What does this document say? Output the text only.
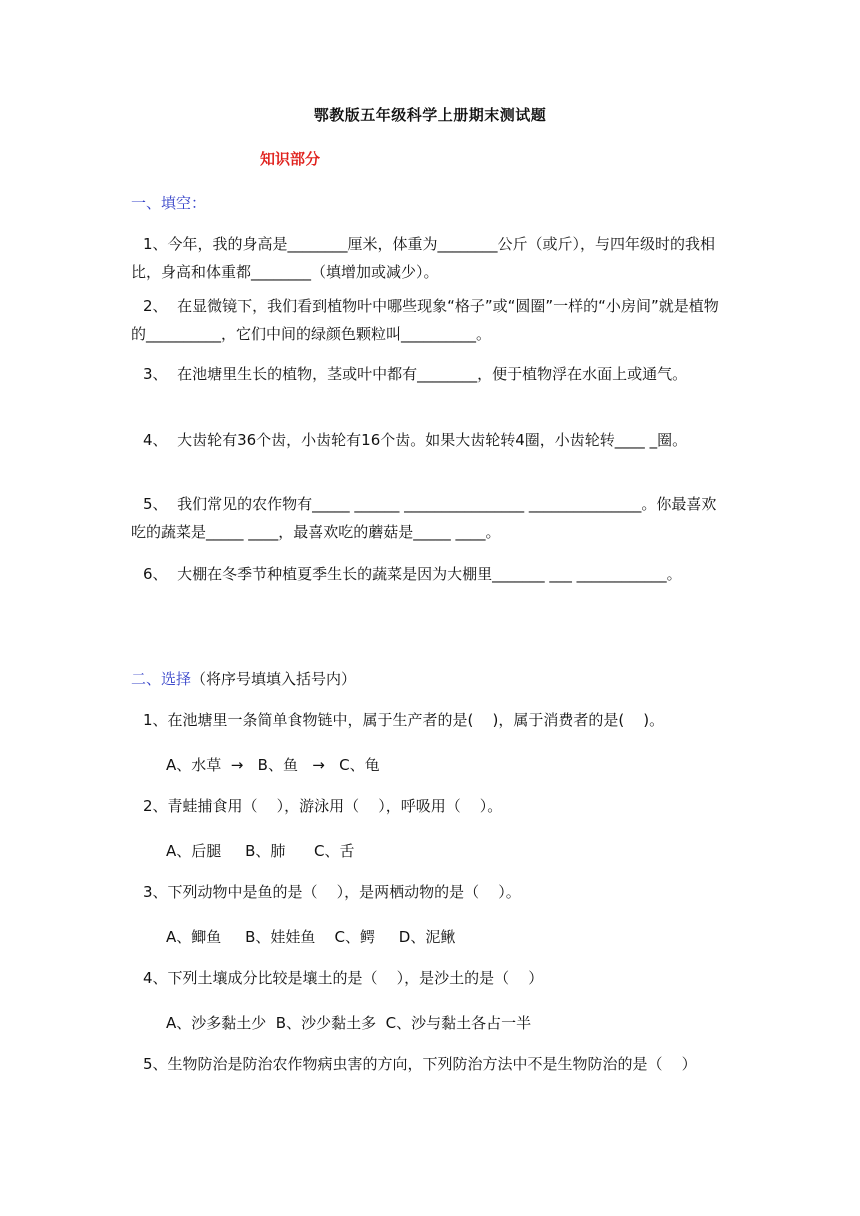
鄂教版五年级科学上册期末测试题
知识部分
一、填空：
1、今年，我的身高是________厘米，体重为________公斤（或斤），与四年级时的我相比，身高和体重都________（填增加或减少）。
2、  在显微镜下，我们看到植物叶中哪些现象“格子”或“圆圈”一样的“小房间”就是植物的__________，它们中间的绿颜色颗粒叫__________。
3、  在池塘里生长的植物，茎或叶中都有________，便于植物浮在水面上或通气。
4、  大齿轮有36个齿，小齿轮有16个齿。如果大齿轮转4圈，小齿轮转____ _圈。
5、  我们常见的农作物有_____ ______ ________________ _______________。你最喜欢吃的蔬菜是_____ ____，最喜欢吃的蘑菇是_____ ____。
6、  大棚在冬季节种植夏季生长的蔬菜是因为大棚里_______ ___ ____________。
二、选择（将序号填填入括号内）
1、在池塘里一条简单食物链中，属于生产者的是(    )，属于消费者的是(    )。
A、水草  →   B、鱼   →   C、龟
2、青蛙捕食用（    ），游泳用（    ），呼吸用（    ）。
A、后腿     B、肺      C、舌
3、下列动物中是鱼的是（    ），是两栖动物的是（    ）。
A、鲫鱼     B、娃娃鱼    C、鳄     D、泥鳅
4、下列土壤成分比较是壤土的是（    ），是沙土的是（    ）
A、沙多黏土少  B、沙少黏土多  C、沙与黏土各占一半
5、生物防治是防治农作物病虫害的方向，下列防治方法中不是生物防治的是（    ）
